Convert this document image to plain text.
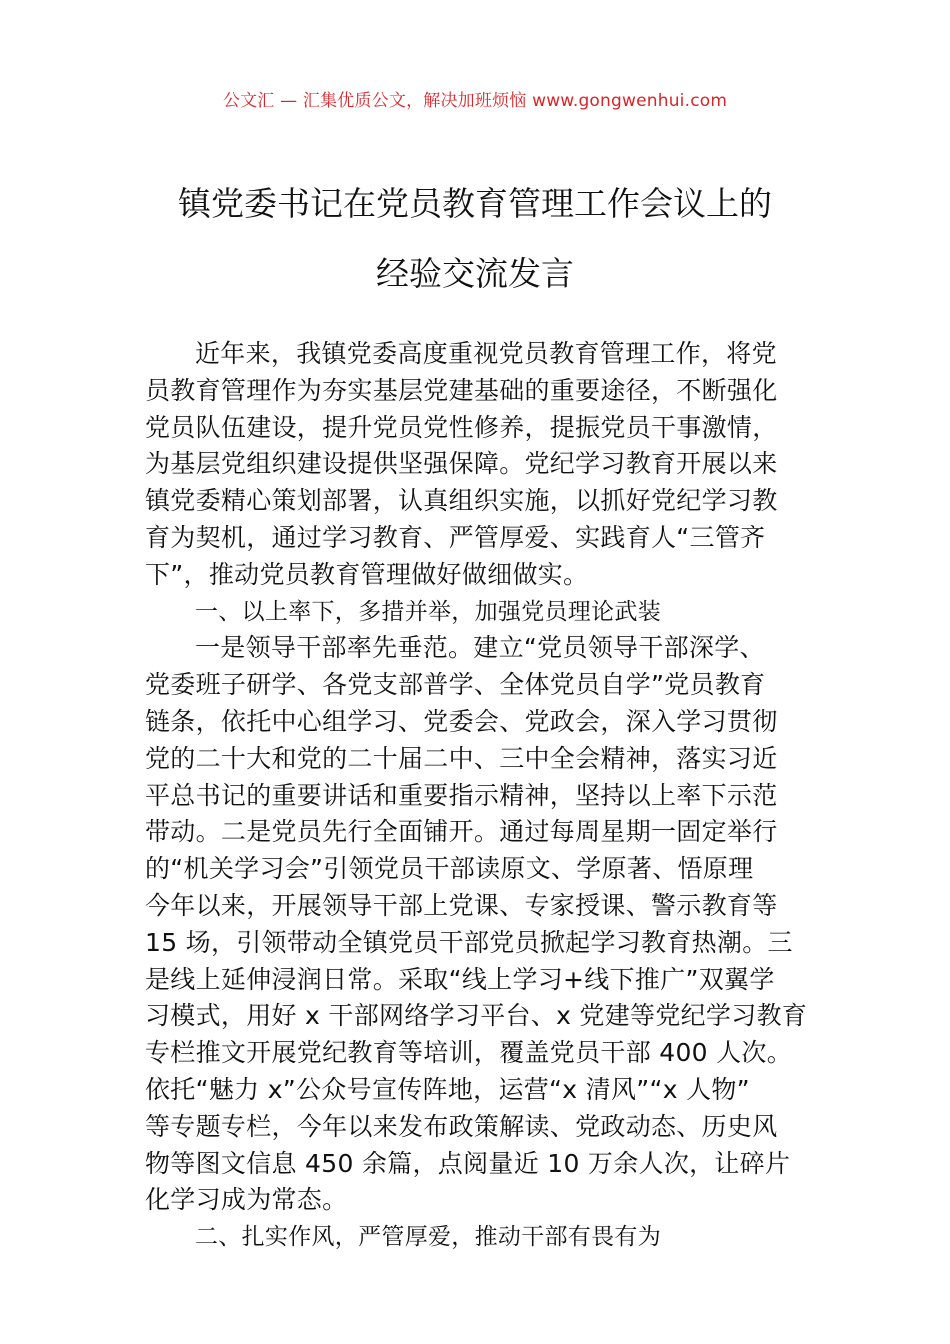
公文汇 — 汇集优质公文，解决加班烦恼 www.gongwenhui.com
镇党委书记在党员教育管理工作会议上的
经验交流发言
近年来，我镇党委高度重视党员教育管理工作，将党
员教育管理作为夯实基层党建基础的重要途径，不断强化
党员队伍建设，提升党员党性修养，提振党员干事激情，
为基层党组织建设提供坚强保障。党纪学习教育开展以来
镇党委精心策划部署，认真组织实施，以抓好党纪学习教
育为契机，通过学习教育、严管厚爱、实践育人“三管齐
下”，推动党员教育管理做好做细做实。
一、以上率下，多措并举，加强党员理论武装
一是领导干部率先垂范。建立“党员领导干部深学、
党委班子研学、各党支部普学、全体党员自学”党员教育
链条，依托中心组学习、党委会、党政会，深入学习贯彻
党的二十大和党的二十届二中、三中全会精神，落实习近
平总书记的重要讲话和重要指示精神，坚持以上率下示范
带动。二是党员先行全面铺开。通过每周星期一固定举行
的“机关学习会”引领党员干部读原文、学原著、悟原理
今年以来，开展领导干部上党课、专家授课、警示教育等
15 场，引领带动全镇党员干部党员掀起学习教育热潮。三
是线上延伸浸润日常。采取“线上学习+线下推广”双翼学
习模式，用好 x 干部网络学习平台、x 党建等党纪学习教育
专栏推文开展党纪教育等培训，覆盖党员干部 400 人次。
依托“魅力 x”公众号宣传阵地，运营“x 清风”“x 人物”
等专题专栏，今年以来发布政策解读、党政动态、历史风
物等图文信息 450 余篇，点阅量近 10 万余人次，让碎片
化学习成为常态。
二、扎实作风，严管厚爱，推动干部有畏有为
